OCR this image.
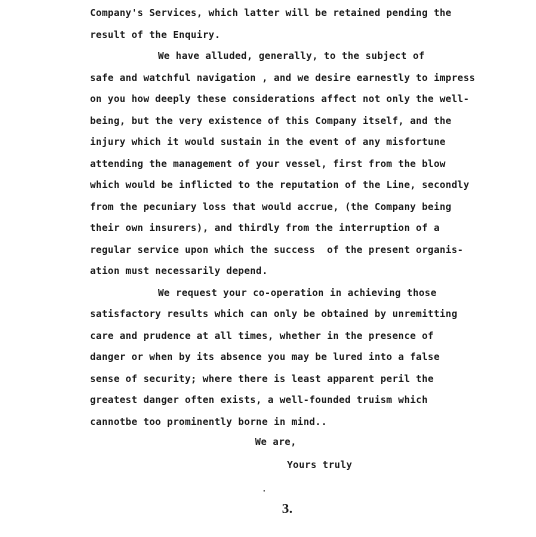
Company's Services, which latter will be retained pending the
result of the Enquiry.
We have alluded, generally, to the subject of
safe and watchful navigation , and we desire earnestly to impress
on you how deeply these considerations affect not only the well-
being, but the very existence of this Company itself, and the
injury which it would sustain in the event of any misfortune
attending the management of your vessel, first from the blow
which would be inflicted to the reputation of the Line, secondly
from the pecuniary loss that would accrue, (the Company being
their own insurers), and thirdly from the interruption of a
regular service upon which the success  of the present organis-
ation must necessarily depend.
We request your co-operation in achieving those
satisfactory results which can only be obtained by unremitting
care and prudence at all times, whether in the presence of
danger or when by its absence you may be lured into a false
sense of security; where there is least apparent peril the
greatest danger often exists, a well-founded truism which
cannotbe too prominently borne in mind..
We are,
Yours truly
·
3.
